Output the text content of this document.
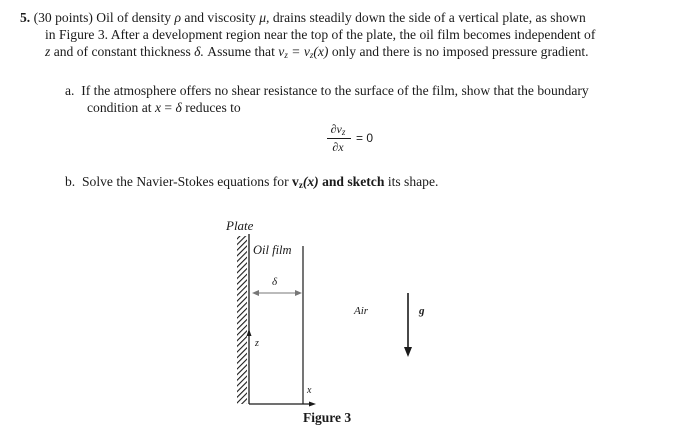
5. (30 points) Oil of density ρ and viscosity μ, drains steadily down the side of a vertical plate, as shown
in Figure 3. After a development region near the top of the plate, the oil film becomes independent of
z and of constant thickness δ. Assume that $v_z = v_z(x)$ only and there is no imposed pressure gradient.
a. If the atmosphere offers no shear resistance to the surface of the film, show that the boundary
condition at x = δ reduces to
$\partial v_z$
∂x
= 0
b. Solve the Navier-Stokes equations for $v_z(x)$ and sketch its shape.
Plate
Oil film
δ
Air	g
z
x
Figure 3
